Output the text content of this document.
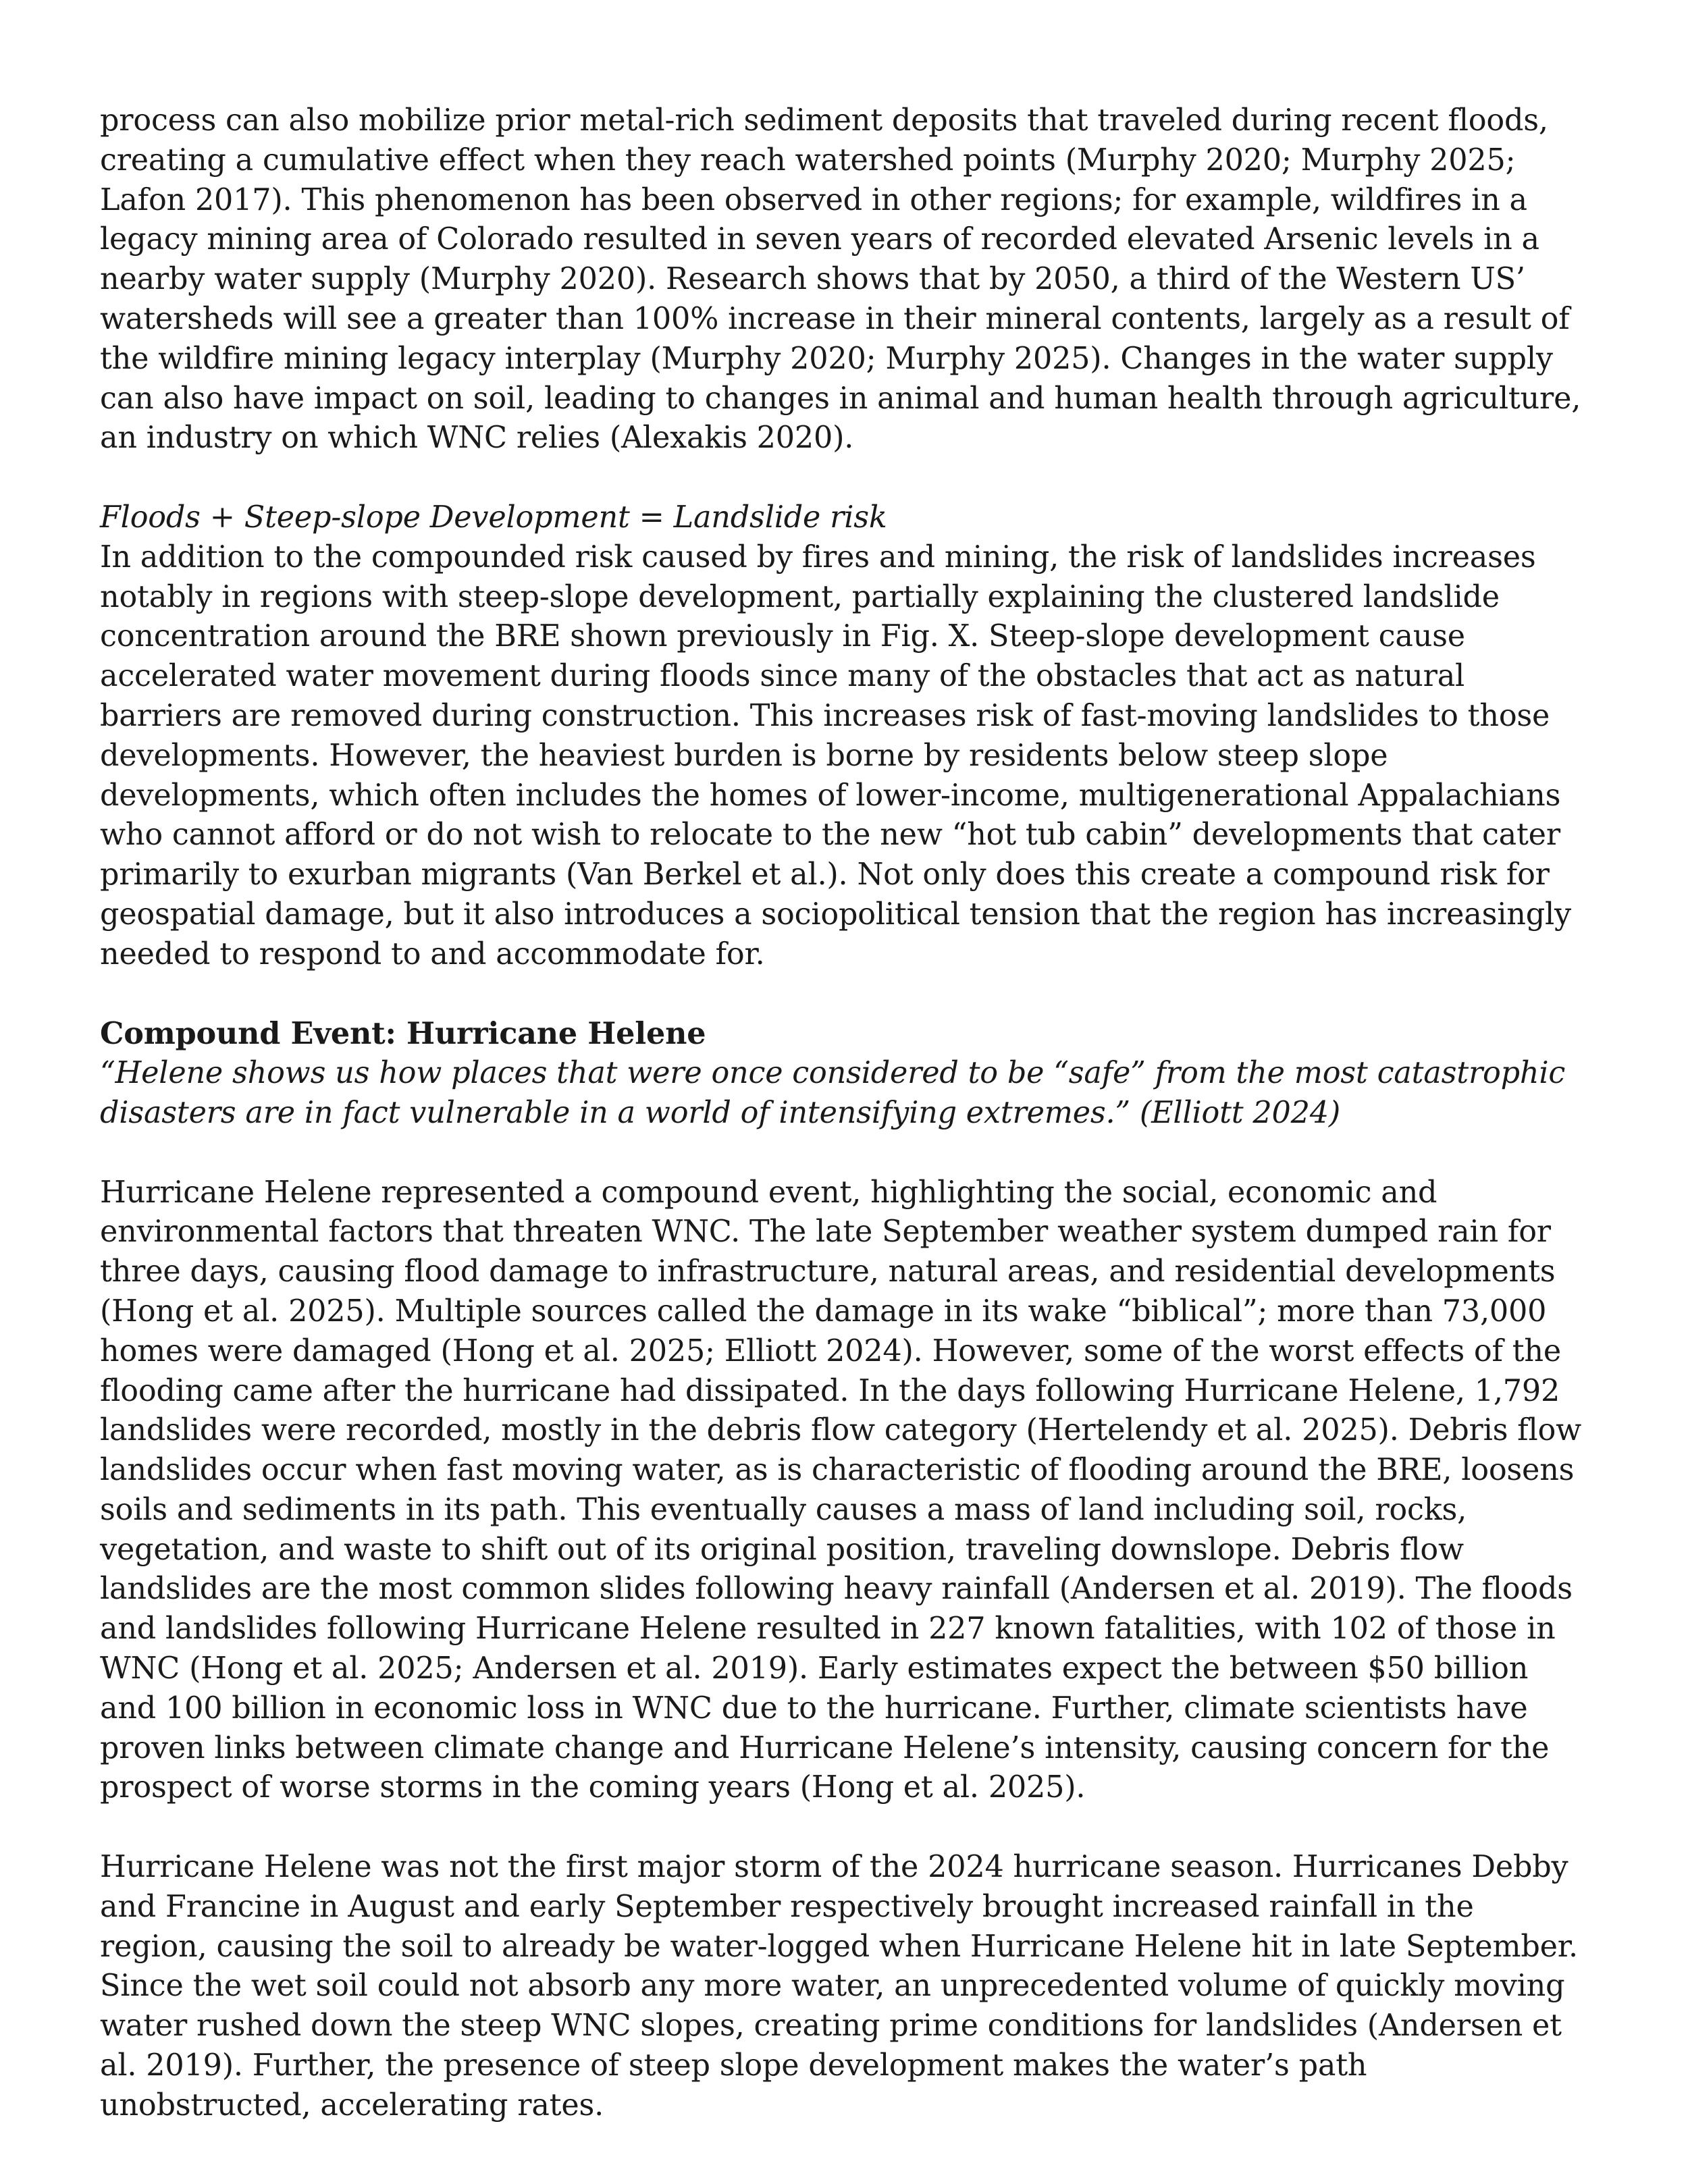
process can also mobilize prior metal-rich sediment deposits that traveled during recent floods, creating a cumulative effect when they reach watershed points (Murphy 2020; Murphy 2025; Lafon 2017). This phenomenon has been observed in other regions; for example, wildfires in a legacy mining area of Colorado resulted in seven years of recorded elevated Arsenic levels in a nearby water supply (Murphy 2020). Research shows that by 2050, a third of the Western US’ watersheds will see a greater than 100% increase in their mineral contents, largely as a result of the wildfire mining legacy interplay (Murphy 2020; Murphy 2025). Changes in the water supply can also have impact on soil, leading to changes in animal and human health through agriculture, an industry on which WNC relies (Alexakis 2020).

Floods + Steep-slope Development = Landslide risk

In addition to the compounded risk caused by fires and mining, the risk of landslides increases notably in regions with steep-slope development, partially explaining the clustered landslide concentration around the BRE shown previously in Fig. X. Steep-slope development cause accelerated water movement during floods since many of the obstacles that act as natural barriers are removed during construction. This increases risk of fast-moving landslides to those developments. However, the heaviest burden is borne by residents below steep slope developments, which often includes the homes of lower-income, multigenerational Appalachians who cannot afford or do not wish to relocate to the new “hot tub cabin” developments that cater primarily to exurban migrants (Van Berkel et al.). Not only does this create a compound risk for geospatial damage, but it also introduces a sociopolitical tension that the region has increasingly needed to respond to and accommodate for.

Compound Event: Hurricane Helene

“Helene shows us how places that were once considered to be “safe” from the most catastrophic disasters are in fact vulnerable in a world of intensifying extremes.” (Elliott 2024)

Hurricane Helene represented a compound event, highlighting the social, economic and environmental factors that threaten WNC. The late September weather system dumped rain for three days, causing flood damage to infrastructure, natural areas, and residential developments (Hong et al. 2025). Multiple sources called the damage in its wake “biblical”; more than 73,000 homes were damaged (Hong et al. 2025; Elliott 2024). However, some of the worst effects of the flooding came after the hurricane had dissipated. In the days following Hurricane Helene, 1,792 landslides were recorded, mostly in the debris flow category (Hertelendy et al. 2025). Debris flow landslides occur when fast moving water, as is characteristic of flooding around the BRE, loosens soils and sediments in its path. This eventually causes a mass of land including soil, rocks, vegetation, and waste to shift out of its original position, traveling downslope. Debris flow landslides are the most common slides following heavy rainfall (Andersen et al. 2019). The floods and landslides following Hurricane Helene resulted in 227 known fatalities, with 102 of those in WNC (Hong et al. 2025; Andersen et al. 2019). Early estimates expect the between $50 billion and 100 billion in economic loss in WNC due to the hurricane. Further, climate scientists have proven links between climate change and Hurricane Helene’s intensity, causing concern for the prospect of worse storms in the coming years (Hong et al. 2025).

Hurricane Helene was not the first major storm of the 2024 hurricane season. Hurricanes Debby and Francine in August and early September respectively brought increased rainfall in the region, causing the soil to already be water-logged when Hurricane Helene hit in late September. Since the wet soil could not absorb any more water, an unprecedented volume of quickly moving water rushed down the steep WNC slopes, creating prime conditions for landslides (Andersen et al. 2019). Further, the presence of steep slope development makes the water’s path unobstructed, accelerating rates.
